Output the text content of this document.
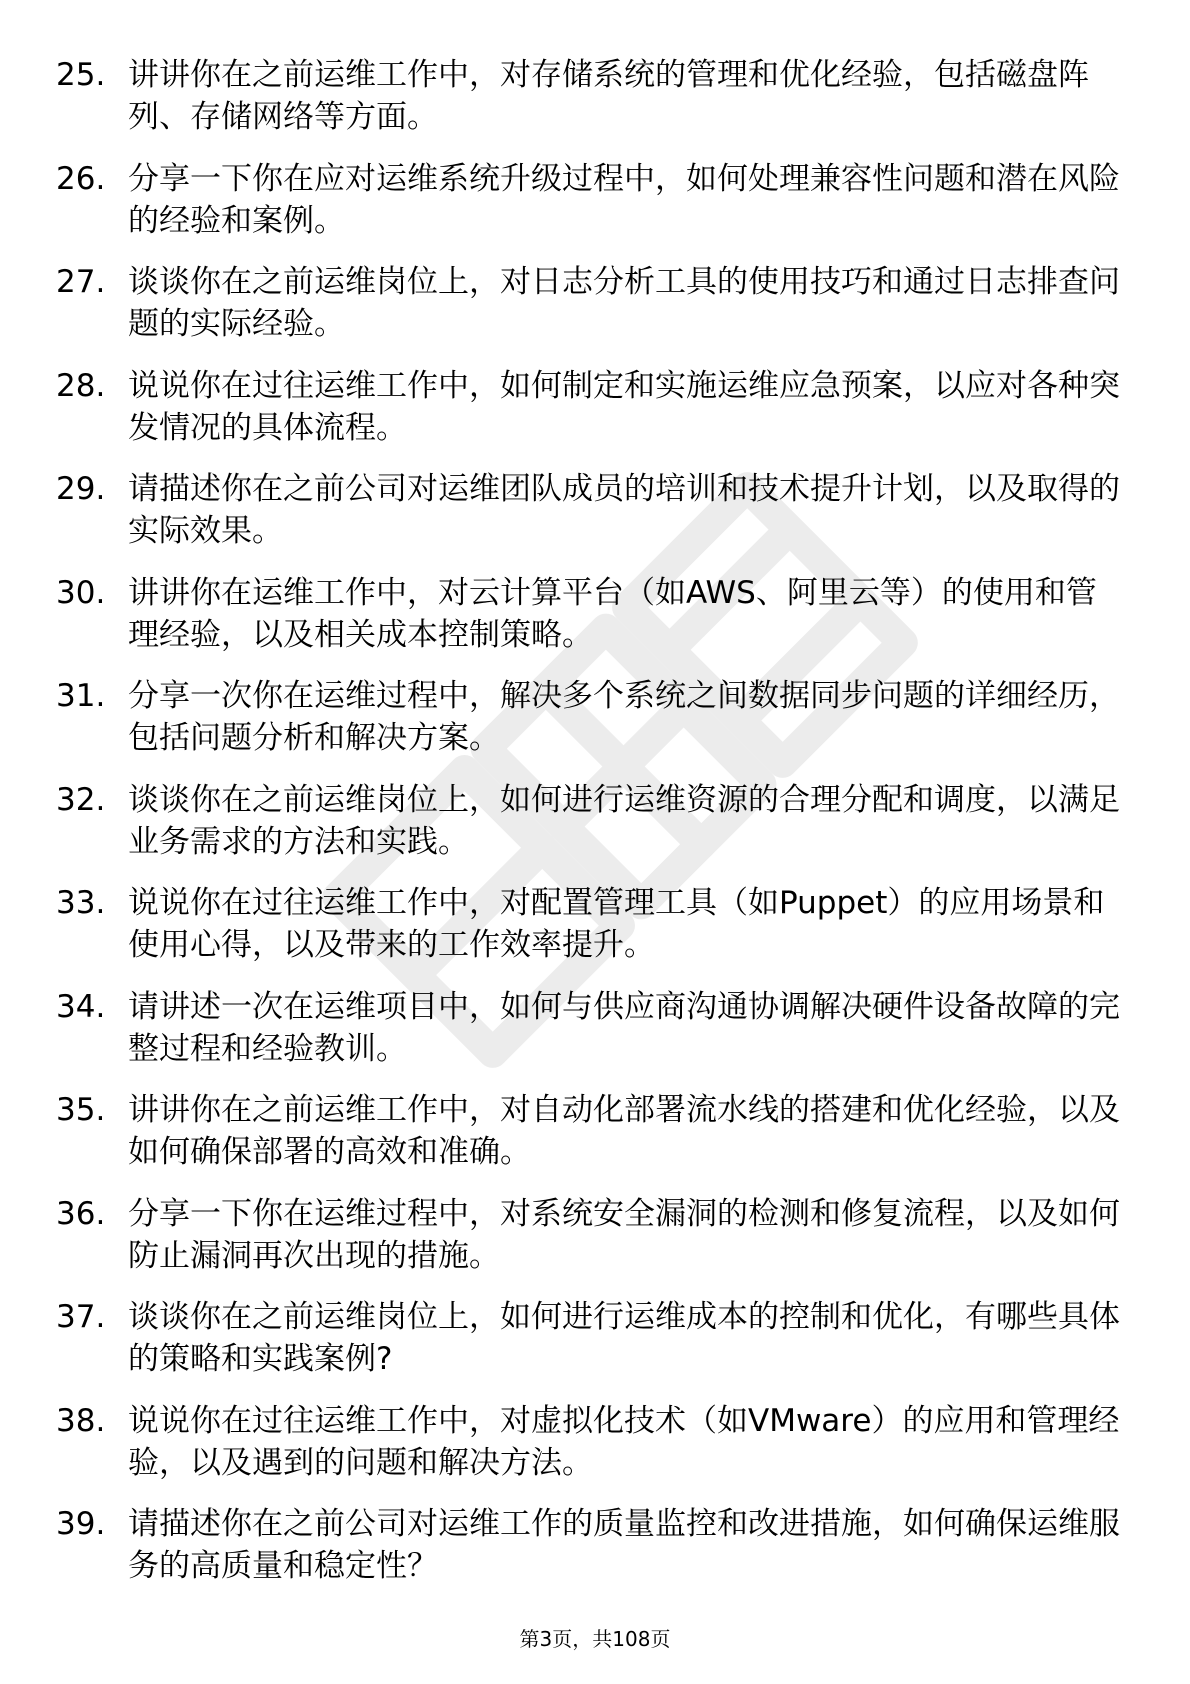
25. 讲讲你在之前运维工作中，对存储系统的管理和优化经验，包括磁盘阵列、存储网络等方面。
26. 分享一下你在应对运维系统升级过程中，如何处理兼容性问题和潜在风险的经验和案例。
27. 谈谈你在之前运维岗位上，对日志分析工具的使用技巧和通过日志排查问题的实际经验。
28. 说说你在过往运维工作中，如何制定和实施运维应急预案，以应对各种突发情况的具体流程。
29. 请描述你在之前公司对运维团队成员的培训和技术提升计划，以及取得的实际效果。
30. 讲讲你在运维工作中，对云计算平台（如AWS、阿里云等）的使用和管理经验，以及相关成本控制策略。
31. 分享一次你在运维过程中，解决多个系统之间数据同步问题的详细经历，包括问题分析和解决方案。
32. 谈谈你在之前运维岗位上，如何进行运维资源的合理分配和调度，以满足业务需求的方法和实践。
33. 说说你在过往运维工作中，对配置管理工具（如Puppet）的应用场景和使用心得，以及带来的工作效率提升。
34. 请讲述一次在运维项目中，如何与供应商沟通协调解决硬件设备故障的完整过程和经验教训。
35. 讲讲你在之前运维工作中，对自动化部署流水线的搭建和优化经验，以及如何确保部署的高效和准确。
36. 分享一下你在运维过程中，对系统安全漏洞的检测和修复流程，以及如何防止漏洞再次出现的措施。
37. 谈谈你在之前运维岗位上，如何进行运维成本的控制和优化，有哪些具体的策略和实践案例?
38. 说说你在过往运维工作中，对虚拟化技术（如VMware）的应用和管理经验，以及遇到的问题和解决方法。
39. 请描述你在之前公司对运维工作的质量监控和改进措施，如何确保运维服务的高质量和稳定性？
第3页，共108页
